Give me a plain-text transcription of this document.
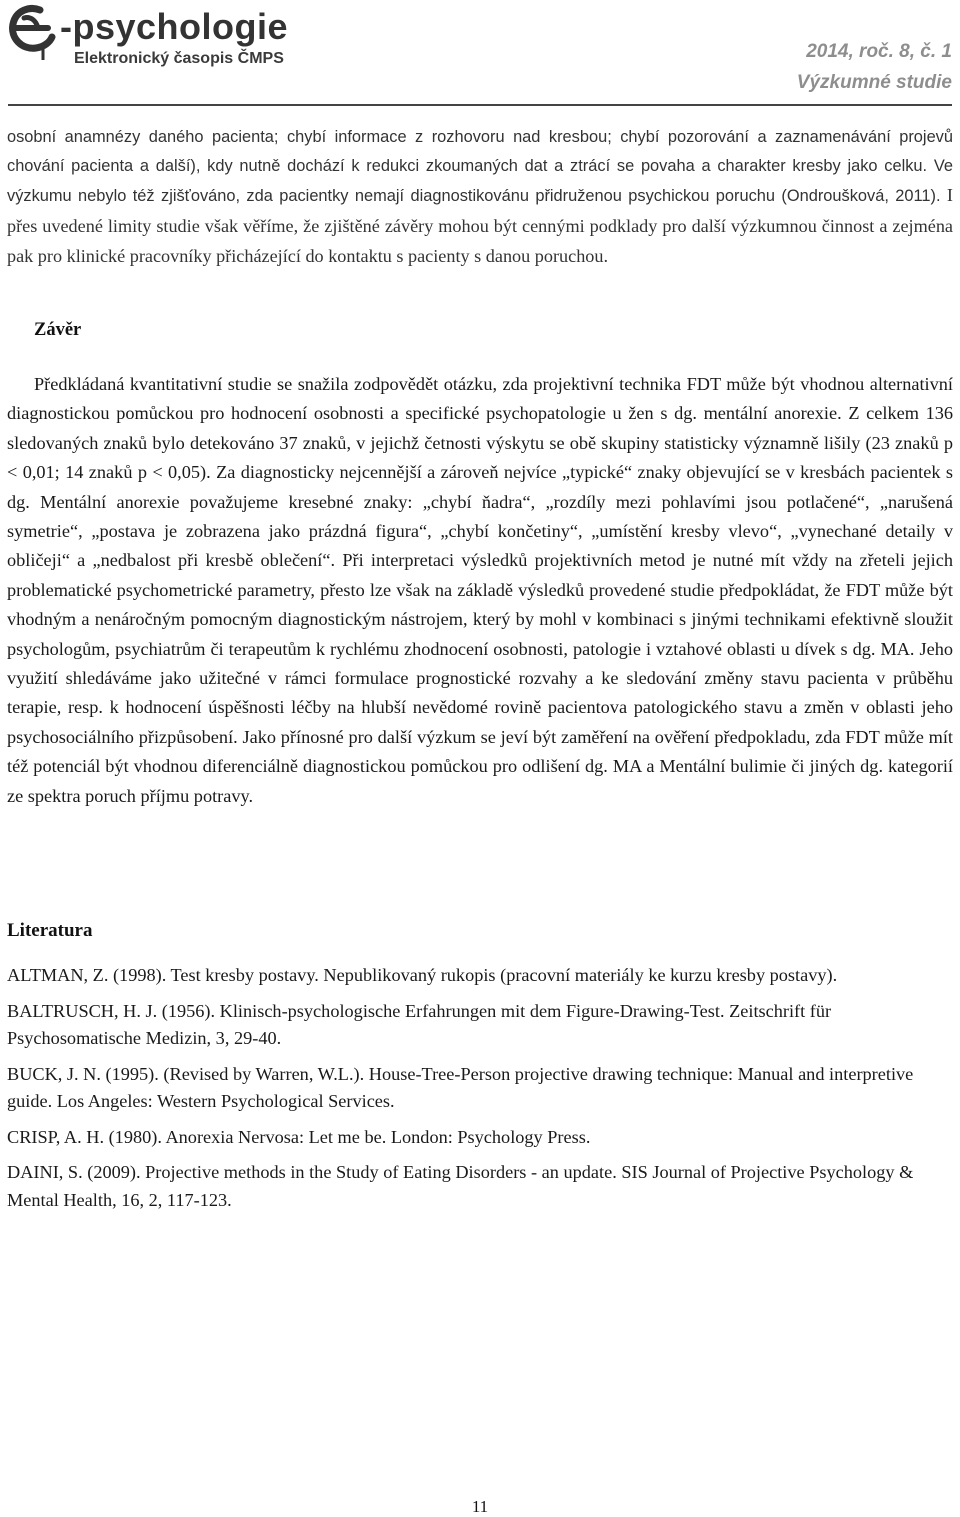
-psychologie
Elektronický časopis ČMPS	2014, roč. 8, č. 1
Výzkumné studie

osobní anamnézy daného pacienta; chybí informace z rozhovoru nad kresbou; chybí pozorování a zaznamenávání projevů chování pacienta a další), kdy nutně dochází k redukci zkoumaných dat a ztrácí se povaha a charakter kresby jako celku. Ve výzkumu nebylo též zjišťováno, zda pacientky nemají diagnostikovánu přidruženou psychickou poruchu (Ondroušková, 2011). I přes uvedené limity studie však věříme, že zjištěné závěry mohou být cennými podklady pro další výzkumnou činnost a zejména pak pro klinické pracovníky přicházející do kontaktu s pacienty s danou poruchou.

Závěr

Předkládaná kvantitativní studie se snažila zodpovědět otázku, zda projektivní technika FDT může být vhodnou alternativní diagnostickou pomůckou pro hodnocení osobnosti a specifické psychopatologie u žen s dg. mentální anorexie. Z celkem 136 sledovaných znaků bylo detekováno 37 znaků, v jejichž četnosti výskytu se obě skupiny statisticky významně lišily (23 znaků p < 0,01; 14 znaků p < 0,05). Za diagnosticky nejcennější a zároveň nejvíce „typické“ znaky objevující se v kresbách pacientek s dg. Mentální anorexie považujeme kresebné znaky: „chybí ňadra“, „rozdíly mezi pohlavími jsou potlačené“, „narušená symetrie“, „postava je zobrazena jako prázdná figura“, „chybí končetiny“, „umístění kresby vlevo“, „vynechané detaily v obličeji“ a „nedbalost při kresbě oblečení“. Při interpretaci výsledků projektivních metod je nutné mít vždy na zřeteli jejich problematické psychometrické parametry, přesto lze však na základě výsledků provedené studie předpokládat, že FDT může být vhodným a nenáročným pomocným diagnostickým nástrojem, který by mohl v kombinaci s jinými technikami efektivně sloužit psychologům, psychiatrům či terapeutům k rychlému zhodnocení osobnosti, patologie i vztahové oblasti u dívek s dg. MA. Jeho využití shledáváme jako užitečné v rámci formulace prognostické rozvahy a ke sledování změny stavu pacienta v průběhu terapie, resp. k hodnocení úspěšnosti léčby na hlubší nevědomé rovině pacientova patologického stavu a změn v oblasti jeho psychosociálního přizpůsobení. Jako přínosné pro další výzkum se jeví být zaměření na ověření předpokladu, zda FDT může mít též potenciál být vhodnou diferenciálně diagnostickou pomůckou pro odlišení dg. MA a Mentální bulimie či jiných dg. kategorií ze spektra poruch příjmu potravy.

Literatura

ALTMAN, Z. (1998). Test kresby postavy. Nepublikovaný rukopis (pracovní materiály ke kurzu kresby postavy).

BALTRUSCH, H. J. (1956). Klinisch-psychologische Erfahrungen mit dem Figure-Drawing-Test. Zeitschrift für Psychosomatische Medizin, 3, 29-40.

BUCK, J. N. (1995). (Revised by Warren, W.L.). House-Tree-Person projective drawing technique: Manual and interpretive guide. Los Angeles: Western Psychological Services.

CRISP, A. H. (1980). Anorexia Nervosa: Let me be. London: Psychology Press.

DAINI, S. (2009). Projective methods in the Study of Eating Disorders - an update. SIS Journal of Projective Psychology & Mental Health, 16, 2, 117-123.

11
